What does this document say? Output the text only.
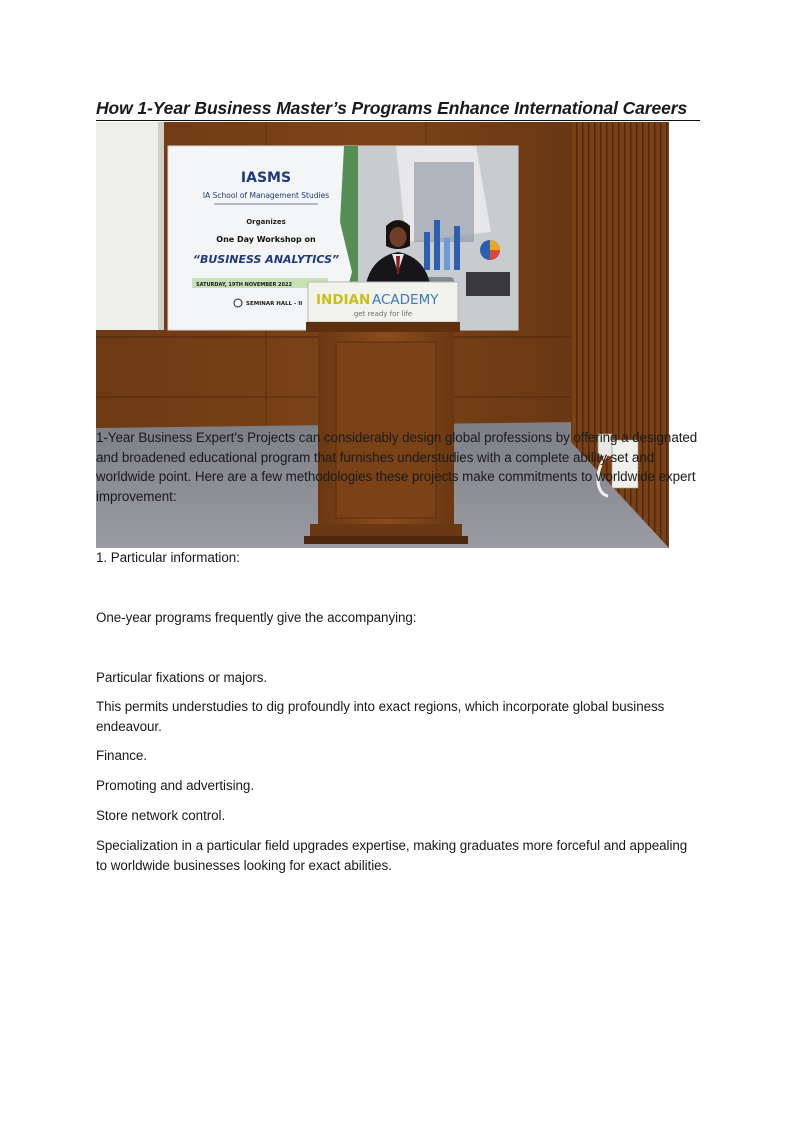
How 1-Year Business Master’s Programs Enhance International Careers
IASMS
IA School of Management Studies
Organizes
One Day Workshop on
“BUSINESS ANALYTICS”
SATURDAY, 19TH NOVEMBER 2022
SEMINAR HALL - II INDIAN ACADEMY
get ready for life
1-Year Business Expert's Projects can considerably design global professions by offering a designated and broadened educational program that furnishes understudies with a complete ability set and worldwide point. Here are a few methodologies these projects make commitments to worldwide expert improvement:
1. Particular information:
One-year programs frequently give the accompanying:
Particular fixations or majors.
This permits understudies to dig profoundly into exact regions, which incorporate global business endeavour.
Finance.
Promoting and advertising.
Store network control.
Specialization in a particular field upgrades expertise, making graduates more forceful and appealing to worldwide businesses looking for exact abilities.
